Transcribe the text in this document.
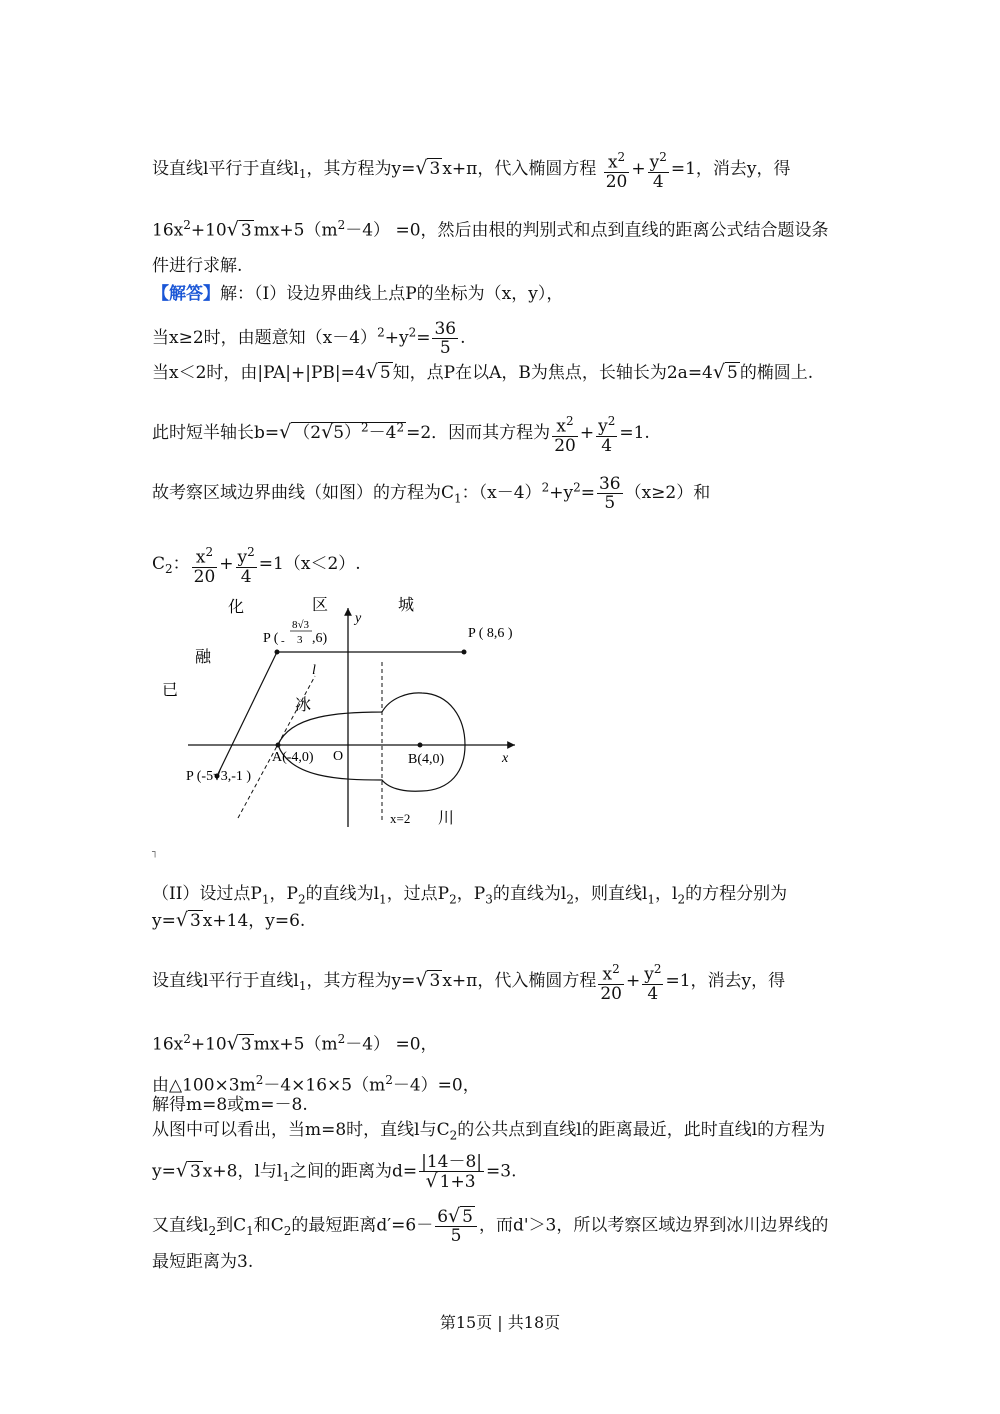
设直线l平行于直线$l_1$，其方程为y=√ 3 x+π，代入椭圆方程 $\frac{x^2}{20} + \frac{y^2}{4} =1$，消去y，得
$16x^2+10√$ 3 $mx+5(m^2-4) =0$，然后由根的判别式和点到直线的距离公式结合题设条
件进行求解.
【解答】解：（I）设边界曲线上点P的坐标为（x，y），
当x≥2时，由题意知$(x-4)^2+y^2= \frac{36}{5}$ .
当x＜2时，由|PA|+|PB|=4√ 5 知，点P在以A，B为焦点，长轴长为2a=4√ 5 的椭圆上.
此时短半轴长b=√ $(2√5)^2-4^2 =2$．因而其方程为 $\frac{x^2}{20} + \frac{y^2}{4} =1$.
故考察区域边界曲线（如图）的方程为$C_1$：$(x-4)^2+y^2= \frac{36}{5} (x\ge 2)$和
$C_2$： $\frac{x^2}{20} + \frac{y^2}{4} =1(x<2)$.
化	区	城
融
已
冰
川
P ( -
8√3
3 ,6)	P ( 8,6 )
P (-5√3,-1 )
A(-4,0)	B(4,0)
O	x
y
l
x=2
┐
（II）设过点$P_1$，$P_2$的直线为$l_1$，过点$P_2$，$P_3$的直线为$l_2$，则直线$l_1$，$l_2$的方程分别为
y=√ 3 x+14，y=6.
设直线l平行于直线$l_1$，其方程为y=√ 3 x+π，代入椭圆方程 $\frac{x^2}{20} + \frac{y^2}{4} =1$，消去y，得
$16x^2+10√$ 3 $mx+5(m^2-4) =0$，
由$\triangle 100\times 3m^2-4\times 16\times 5(m^2-4)=0$，
解得m=8或m=－8.
从图中可以看出，当m=8时，直线l与$C_2$的公共点到直线l的距离最近，此时直线l的方程为
y=√ 3 x+8，l与$l_1$之间的距离为$d= \frac{|14-8|}{√ 1+3} =3$.
又直线$l_2$到$C_1$和$C_2$的最短距离$d'=6- \frac{6√ 5}{5}$ ，而d'＞3，所以考察区域边界到冰川边界线的
最短距离为3.
第15页 | 共18页
